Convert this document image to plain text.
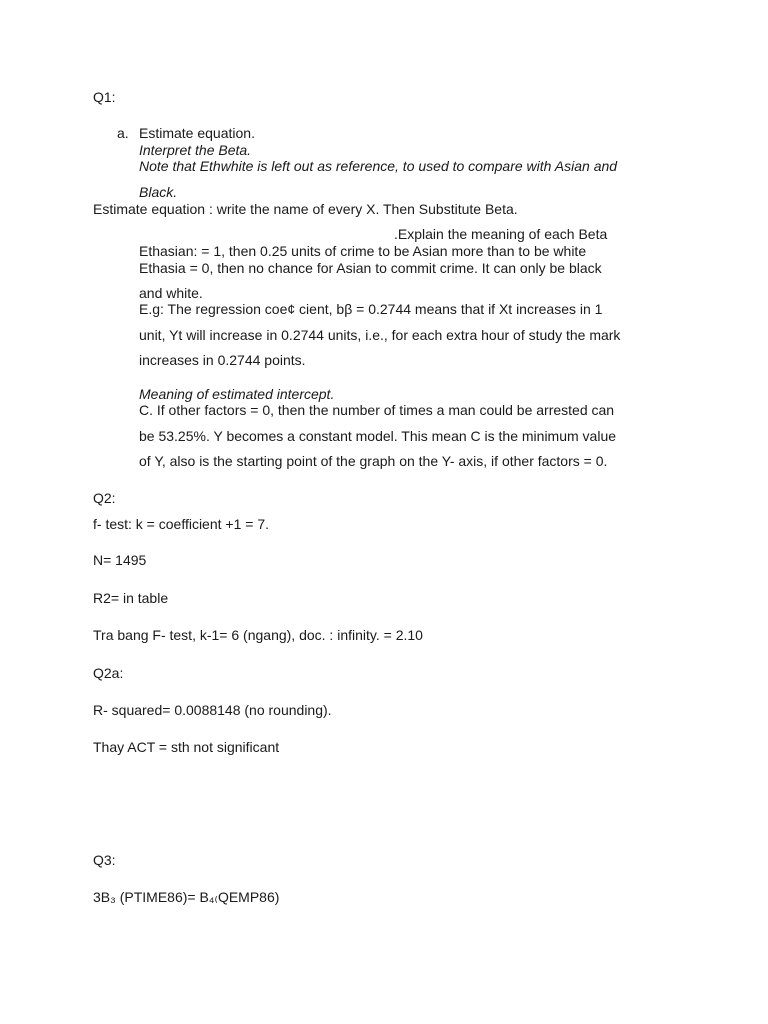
Q1:
a. Estimate equation.
Interpret the Beta.
Note that Ethwhite is left out as reference, to used to compare with Asian and
Black.
Estimate equation : write the name of every X. Then Substitute Beta.
.Explain the meaning of each Beta
Ethasian: = 1, then 0.25 units of crime to be Asian more than to be white
Ethasia = 0, then no chance for Asian to commit crime. It can only be black
and white.
E.g: The regression coe¢ cient, bβ = 0.2744 means that if Xt increases in 1
unit, Yt will increase in 0.2744 units, i.e., for each extra hour of study the mark
increases in 0.2744 points.
Meaning of estimated intercept.
C. If other factors = 0, then the number of times a man could be arrested can
be 53.25%. Y becomes a constant model. This mean C is the minimum value
of Y, also is the starting point of the graph on the Y- axis, if other factors = 0.
Q2:
f- test: k = coefficient +1 = 7.
N= 1495
R2= in table
Tra bang F- test, k-1= 6 (ngang), doc. : infinity. = 2.10
Q2a:
R- squared= 0.0088148 (no rounding).
Thay ACT = sth not significant
Q3:
3B₃ (PTIME86)= B₄₍QEMP86)
